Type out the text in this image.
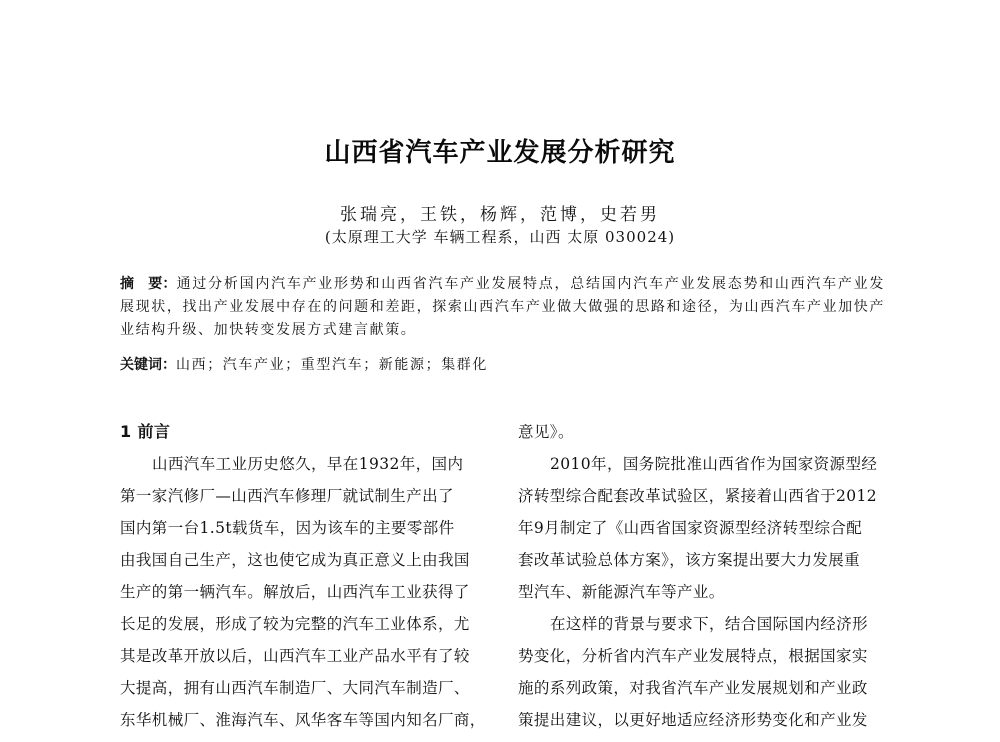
山西省汽车产业发展分析研究
张瑞亮，王铁，杨辉，范博，史若男
(太原理工大学 车辆工程系，山西 太原 030024)
摘　要：通过分析国内汽车产业形势和山西省汽车产业发展特点，总结国内汽车产业发展态势和山西汽车产业发展现状，找出产业发展中存在的问题和差距，探索山西汽车产业做大做强的思路和途径，为山西汽车产业加快产业结构升级、加快转变发展方式建言献策。
关键词：山西；汽车产业；重型汽车；新能源；集群化
1 前言
山西汽车工业历史悠久，早在1932年，国内
第一家汽修厂—山西汽车修理厂就试制生产出了
国内第一台1.5t载货车，因为该车的主要零部件
由我国自己生产，这也使它成为真正意义上由我国
生产的第一辆汽车。解放后，山西汽车工业获得了
长足的发展，形成了较为完整的汽车工业体系，尤
其是改革开放以后，山西汽车工业产品水平有了较
大提高，拥有山西汽车制造厂、大同汽车制造厂、
东华机械厂、淮海汽车、风华客车等国内知名厂商，
意见》。
2010年，国务院批准山西省作为国家资源型经
济转型综合配套改革试验区，紧接着山西省于2012
年9月制定了《山西省国家资源型经济转型综合配
套改革试验总体方案》，该方案提出要大力发展重
型汽车、新能源汽车等产业。
在这样的背景与要求下，结合国际国内经济形
势变化，分析省内汽车产业发展特点，根据国家实
施的系列政策，对我省汽车产业发展规划和产业政
策提出建议，以更好地适应经济形势变化和产业发
